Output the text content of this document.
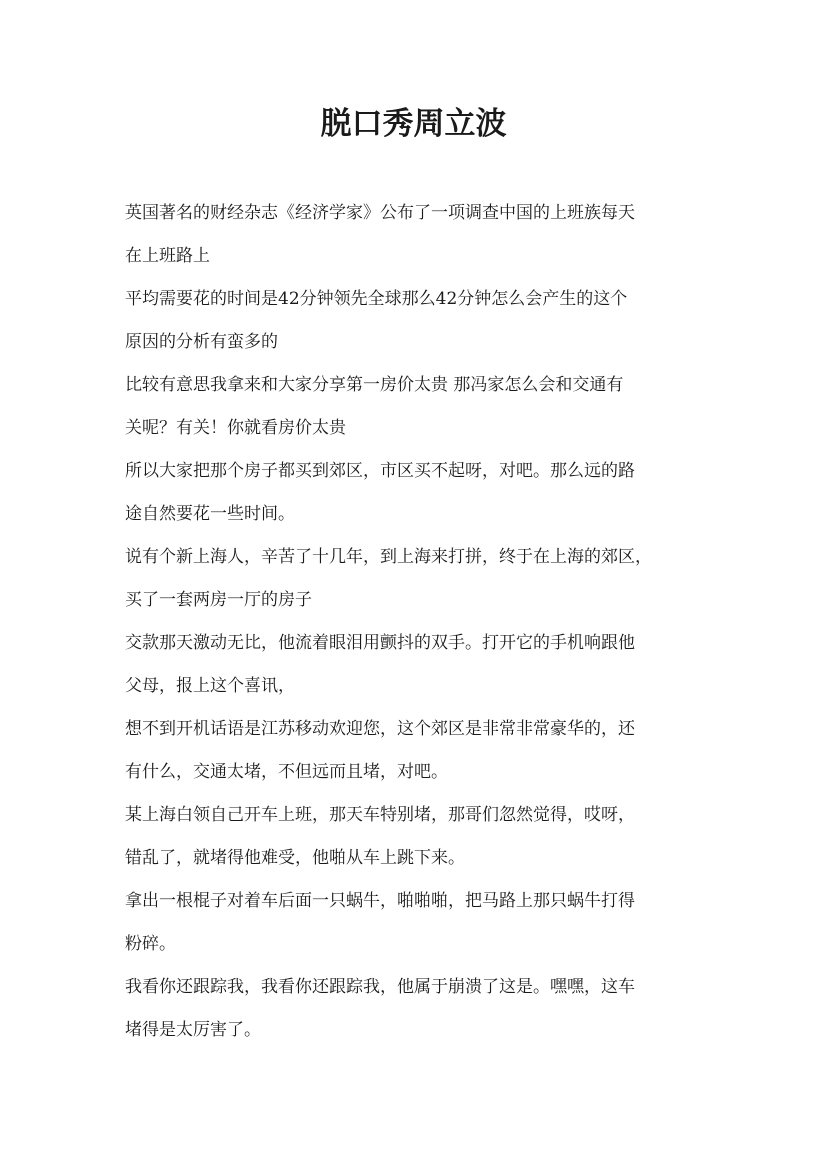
脱口秀周立波

英国著名的财经杂志《经济学家》公布了一项调查中国的上班族每天

在上班路上

平均需要花的时间是42分钟领先全球那么42分钟怎么会产生的这个

原因的分析有蛮多的

比较有意思我拿来和大家分享第一房价太贵 那冯家怎么会和交通有

关呢？有关！你就看房价太贵

所以大家把那个房子都买到郊区，市区买不起呀，对吧。那么远的路

途自然要花一些时间。

说有个新上海人，辛苦了十几年，到上海来打拼，终于在上海的郊区，

买了一套两房一厅的房子

交款那天激动无比，他流着眼泪用颤抖的双手。打开它的手机响跟他

父母，报上这个喜讯，

想不到开机话语是江苏移动欢迎您，这个郊区是非常非常豪华的，还

有什么，交通太堵，不但远而且堵，对吧。

某上海白领自己开车上班，那天车特别堵，那哥们忽然觉得，哎呀，

错乱了，就堵得他难受，他啪从车上跳下来。

拿出一根棍子对着车后面一只蜗牛，啪啪啪，把马路上那只蜗牛打得

粉碎。

我看你还跟踪我，我看你还跟踪我，他属于崩溃了这是。嘿嘿，这车

堵得是太厉害了。
